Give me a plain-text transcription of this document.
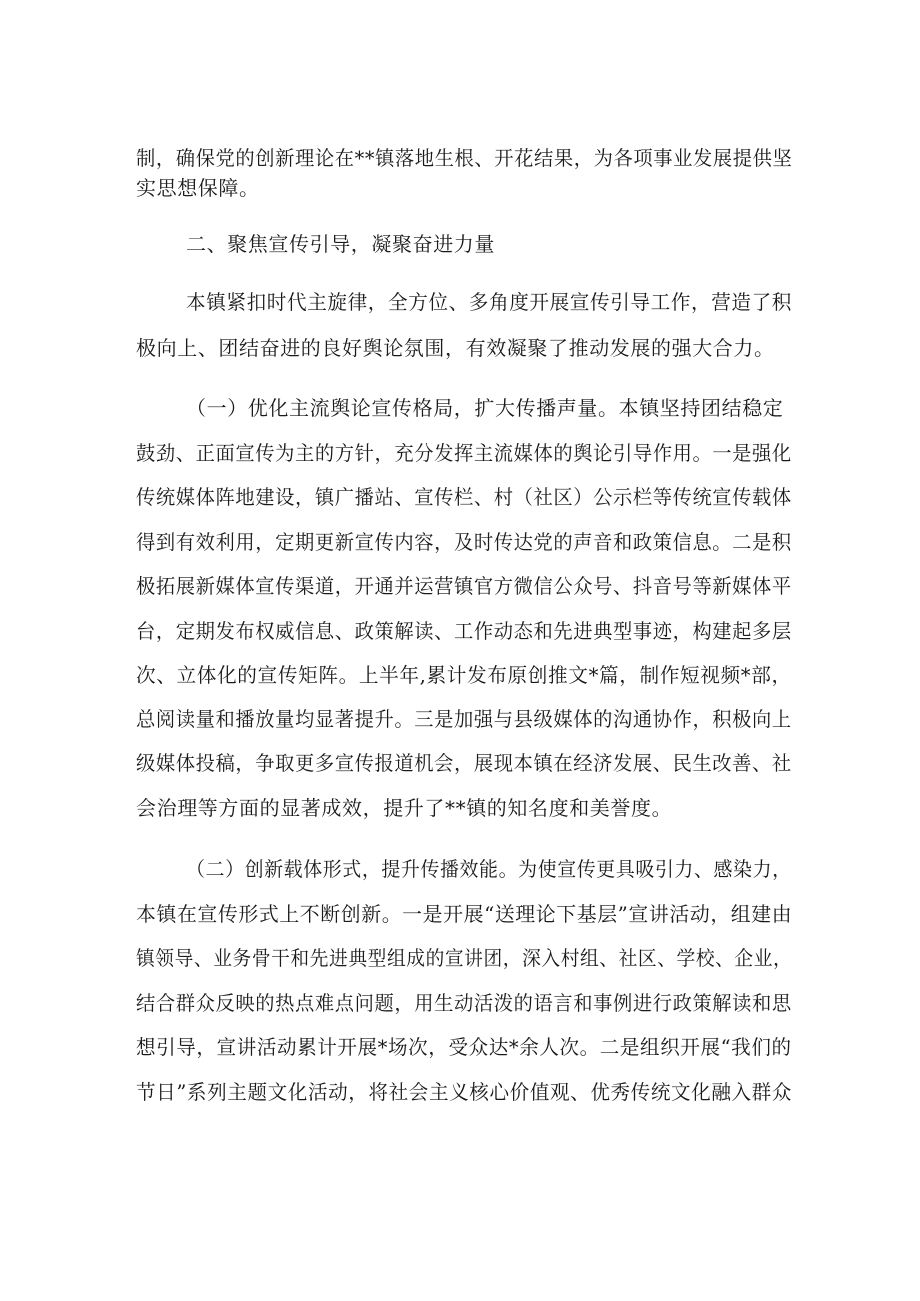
制，确保党的创新理论在**镇落地生根、开花结果，为各项事业发展提供坚

实思想保障。

二、聚焦宣传引导，凝聚奋进力量

本镇紧扣时代主旋律，全方位、多角度开展宣传引导工作，营造了积

极向上、团结奋进的良好舆论氛围，有效凝聚了推动发展的强大合力。

（一）优化主流舆论宣传格局，扩大传播声量。本镇坚持团结稳定

鼓劲、正面宣传为主的方针，充分发挥主流媒体的舆论引导作用。一是强化

传统媒体阵地建设，镇广播站、宣传栏、村（社区）公示栏等传统宣传载体

得到有效利用，定期更新宣传内容，及时传达党的声音和政策信息。二是积

极拓展新媒体宣传渠道，开通并运营镇官方微信公众号、抖音号等新媒体平

台，定期发布权威信息、政策解读、工作动态和先进典型事迹，构建起多层

次、立体化的宣传矩阵。上半年,累计发布原创推文*篇，制作短视频*部，

总阅读量和播放量均显著提升。三是加强与县级媒体的沟通协作，积极向上

级媒体投稿，争取更多宣传报道机会，展现本镇在经济发展、民生改善、社

会治理等方面的显著成效，提升了**镇的知名度和美誉度。

（二）创新载体形式，提升传播效能。为使宣传更具吸引力、感染力，

本镇在宣传形式上不断创新。一是开展“送理论下基层”宣讲活动，组建由

镇领导、业务骨干和先进典型组成的宣讲团，深入村组、社区、学校、企业，

结合群众反映的热点难点问题，用生动活泼的语言和事例进行政策解读和思

想引导，宣讲活动累计开展*场次，受众达*余人次。二是组织开展“我们的

节日”系列主题文化活动，将社会主义核心价值观、优秀传统文化融入群众
